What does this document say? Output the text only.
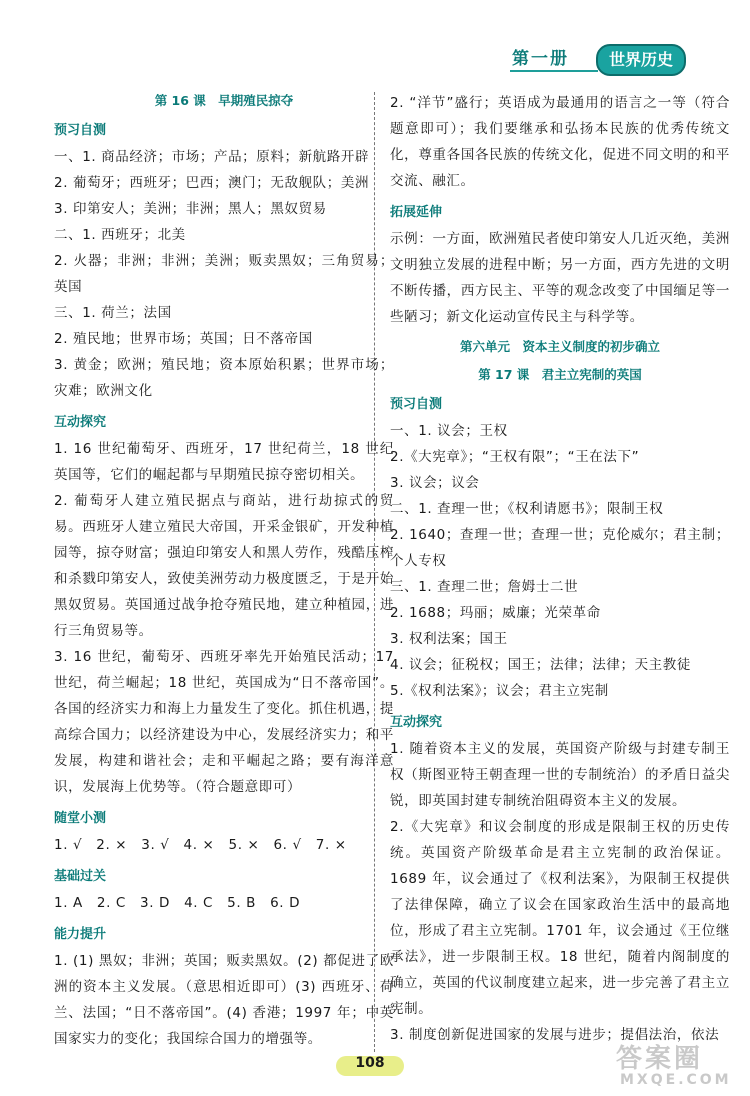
第一册	世界历史
第 16 课　早期殖民掠夺
预习自测
一、1. 商品经济；市场；产品；原料；新航路开辟
2. 葡萄牙；西班牙；巴西；澳门；无敌舰队；美洲
3. 印第安人；美洲；非洲；黑人；黑奴贸易
二、1. 西班牙；北美
2. 火器；非洲；非洲；美洲；贩卖黑奴；三角贸易；英国
三、1. 荷兰；法国
2. 殖民地；世界市场；英国；日不落帝国
3. 黄金；欧洲；殖民地；资本原始积累；世界市场；灾难；欧洲文化
互动探究
1. 16 世纪葡萄牙、西班牙，17 世纪荷兰，18 世纪英国等，它们的崛起都与早期殖民掠夺密切相关。
2. 葡萄牙人建立殖民据点与商站，进行劫掠式的贸易。西班牙人建立殖民大帝国，开采金银矿，开发种植园等，掠夺财富；强迫印第安人和黑人劳作，残酷压榨和杀戮印第安人，致使美洲劳动力极度匮乏，于是开始黑奴贸易。英国通过战争抢夺殖民地，建立种植园，进行三角贸易等。
3. 16 世纪，葡萄牙、西班牙率先开始殖民活动；17 世纪，荷兰崛起；18 世纪，英国成为“日不落帝国”。各国的经济实力和海上力量发生了变化。抓住机遇，提高综合国力；以经济建设为中心，发展经济实力；和平发展，构建和谐社会；走和平崛起之路；要有海洋意识，发展海上优势等。（符合题意即可）
随堂小测
1. √　2. ×　3. √　4. ×　5. ×　6. √　7. ×
基础过关
1. A　2. C　3. D　4. C　5. B　6. D
能力提升
1. (1) 黑奴；非洲；英国；贩卖黑奴。(2) 都促进了欧洲的资本主义发展。（意思相近即可）(3) 西班牙、荷兰、法国；“日不落帝国”。(4) 香港；1997 年；中英国家实力的变化；我国综合国力的增强等。
2. “洋节”盛行；英语成为最通用的语言之一等（符合题意即可）；我们要继承和弘扬本民族的优秀传统文化，尊重各国各民族的传统文化，促进不同文明的和平交流、融汇。
拓展延伸
示例：一方面，欧洲殖民者使印第安人几近灭绝，美洲文明独立发展的进程中断；另一方面，西方先进的文明不断传播，西方民主、平等的观念改变了中国缅足等一些陋习；新文化运动宣传民主与科学等。
第六单元　资本主义制度的初步确立
第 17 课　君主立宪制的英国
预习自测
一、1. 议会；王权
2.《大宪章》；“王权有限”；“王在法下”
3. 议会；议会
二、1. 查理一世；《权利请愿书》；限制王权
2. 1640；查理一世；查理一世；克伦威尔；君主制；个人专权
三、1. 查理二世；詹姆士二世
2. 1688；玛丽；威廉；光荣革命
3. 权利法案；国王
4. 议会；征税权；国王；法律；法律；天主教徒
5.《权利法案》；议会；君主立宪制
互动探究
1. 随着资本主义的发展，英国资产阶级与封建专制王权（斯图亚特王朝查理一世的专制统治）的矛盾日益尖锐，即英国封建专制统治阻碍资本主义的发展。
2.《大宪章》和议会制度的形成是限制王权的历史传统。英国资产阶级革命是君主立宪制的政治保证。1689 年，议会通过了《权利法案》，为限制王权提供了法律保障，确立了议会在国家政治生活中的最高地位，形成了君主立宪制。1701 年，议会通过《王位继承法》，进一步限制王权。18 世纪，随着内阁制度的确立，英国的代议制度建立起来，进一步完善了君主立宪制。
3. 制度创新促进国家的发展与进步；提倡法治，依法
108	答案圈
MXQE.COM
